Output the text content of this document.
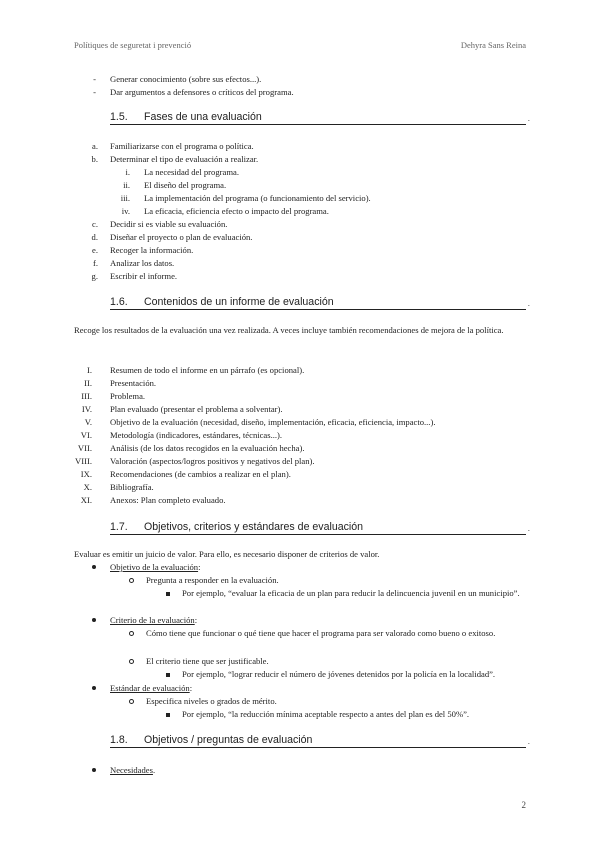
Polítiques de seguretat i prevenció	Dehyra Sans Reina
- Generar conocimiento (sobre sus efectos...).
- Dar argumentos a defensores o críticos del programa.
1.5. Fases de una evaluación	.
a. Familiarizarse con el programa o política.
b. Determinar el tipo de evaluación a realizar.
i. La necesidad del programa.
ii. El diseño del programa.
iii. La implementación del programa (o funcionamiento del servicio).
iv. La eficacia, eficiencia efecto o impacto del programa.
c. Decidir si es viable su evaluación.
d. Diseñar el proyecto o plan de evaluación.
e. Recoger la información.
f. Analizar los datos.
g. Escribir el informe.
1.6. Contenidos de un informe de evaluación	.
Recoge los resultados de la evaluación una vez realizada. A veces incluye también recomendaciones de mejora de la política.
I. Resumen de todo el informe en un párrafo (es opcional).
II. Presentación.
III. Problema.
IV. Plan evaluado (presentar el problema a solventar).
V. Objetivo de la evaluación (necesidad, diseño, implementación, eficacia, eficiencia, impacto...).
VI. Metodología (indicadores, estándares, técnicas...).
VII. Análisis (de los datos recogidos en la evaluación hecha).
VIII. Valoración (aspectos/logros positivos y negativos del plan).
IX. Recomendaciones (de cambios a realizar en el plan).
X. Bibliografía.
XI. Anexos: Plan completo evaluado.
1.7. Objetivos, criterios y estándares de evaluación	.
Evaluar es emitir un juicio de valor. Para ello, es necesario disponer de criterios de valor.
Objetivo de la evaluación:
Pregunta a responder en la evaluación.
Por ejemplo, “evaluar la eficacia de un plan para reducir la delincuencia juvenil en un municipio”.
Criterio de la evaluación:
Cómo tiene que funcionar o qué tiene que hacer el programa para ser valorado como bueno o exitoso.
El criterio tiene que ser justificable.
Por ejemplo, “lograr reducir el número de jóvenes detenidos por la policía en la localidad”.
Estándar de evaluación:
Especifica niveles o grados de mérito.
Por ejemplo, “la reducción mínima aceptable respecto a antes del plan es del 50%”.
1.8. Objetivos / preguntas de evaluación	.
Necesidades.
2
